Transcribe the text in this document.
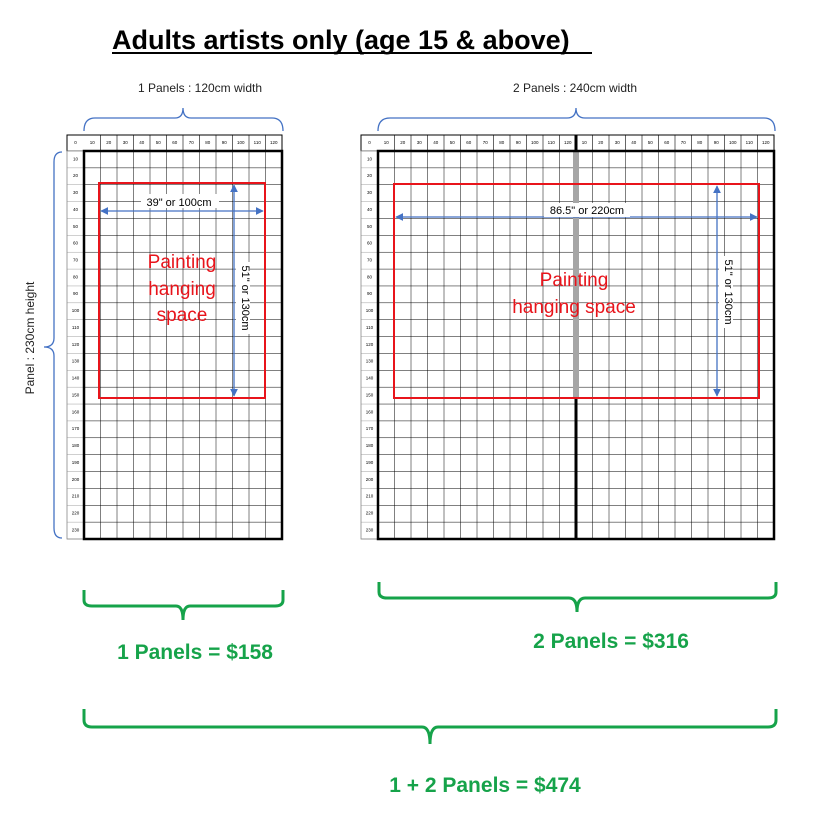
Adults artists only (age 15 & above)
1 Panels : 120cm width	2 Panels : 240cm width
Panel : 230cm height
0	10	20	30	40	50	60	70	80	90 100 110 120
10
20
30
40
50
60
70
80
90
100
110
120
130
140
150
160
170
180
190
200
210
220
230
0	10	20	30	40	50	60	70	80	90 100 110 120 10	20	30	40	50	60	70	80	90 100 110 120
10
20
30
40
50
60
70
80
90
100
110
120
130
140
150
160
170
180
190
200
210
220
230
39" or 100cm
51" or 130cm
Painting
hanging
space
86.5" or 220cm
51" or 130cm
Painting
hanging space
1 Panels = $158	2 Panels = $316
1 + 2 Panels = $474
